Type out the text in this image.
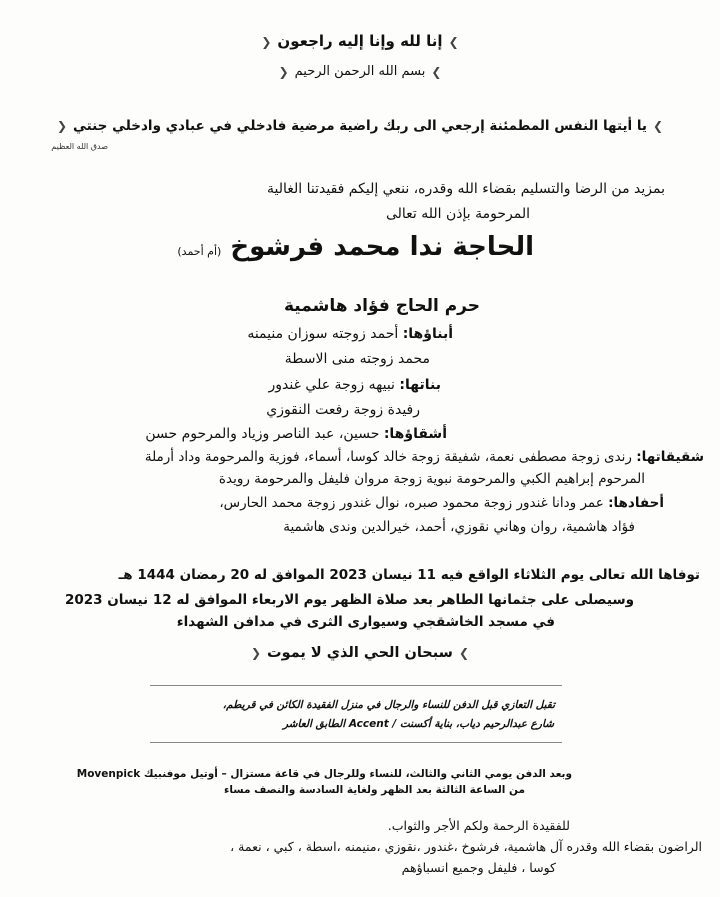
❯إنا لله وإنا إليه راجعون❮
❯بسم الله الرحمن الرحيم❮
❯يا أيتها النفس المطمئنة إرجعي الى ربك راضية مرضية فادخلي في عبادي وادخلي جنتي❮
صدق الله العظيم
بمزيد من الرضا والتسليم بقضاء الله وقدره، ننعي إليكم فقيدتنا الغالية
المرحومة بإذن الله تعالى
الحاجة ندا محمد فرشوخ (أم أحمد)
حرم الحاج فؤاد هاشمية
أبناؤها: أحمد زوجته سوزان منيمنه
محمد زوجته منى الاسطة
بناتها: نبيهه زوجة علي غندور
رفيدة زوجة رفعت النقوزي
أشقاؤها: حسين، عبد الناصر وزياد والمرحوم حسن
شقيقاتها: رندى زوجة مصطفى نعمة، شفيقة زوجة خالد كوسا، أسماء، فوزية والمرحومة وداد أرملة
المرحوم إبراهيم الكبي والمرحومة نبوية زوجة مروان فليفل والمرحومة رويدة
أحفادها: عمر ودانا غندور زوجة محمود صبره، نوال غندور زوجة محمد الحارس،
فؤاد هاشمية، روان وهاني نقوزي، أحمد، خيرالدين وندى هاشمية
توفاها الله تعالى يوم الثلاثاء الواقع فيه 11 نيسان 2023 الموافق له 20 رمضان 1444 هـ
وسيصلى على جثمانها الطاهر بعد صلاة الظهر يوم الاربعاء الموافق له 12 نيسان 2023
في مسجد الخاشقجي وسيوارى الثرى في مدافن الشهداء
❯سبحان الحي الذي لا يموت❮
تقبل التعازي قبل الدفن للنساء والرجال في منزل الفقيدة الكائن في قريطم،
شارع عبدالرحيم دياب، بناية أكسنت / Accent الطابق العاشر
وبعد الدفن يومي الثاني والثالث، للنساء وللرجال في قاعة مستزال – أوتيل موفنبيك Movenpick
من الساعة الثالثة بعد الظهر ولغاية السادسة والنصف مساء
للفقيدة الرحمة ولكم الأجر والثواب.
الراضون بقضاء الله وقدره آل هاشمية، فرشوخ ،غندور ،نقوزي ،منيمنه ،اسطة ، كبي ، نعمة ،
كوسا ، فليفل وجميع انسباؤهم
